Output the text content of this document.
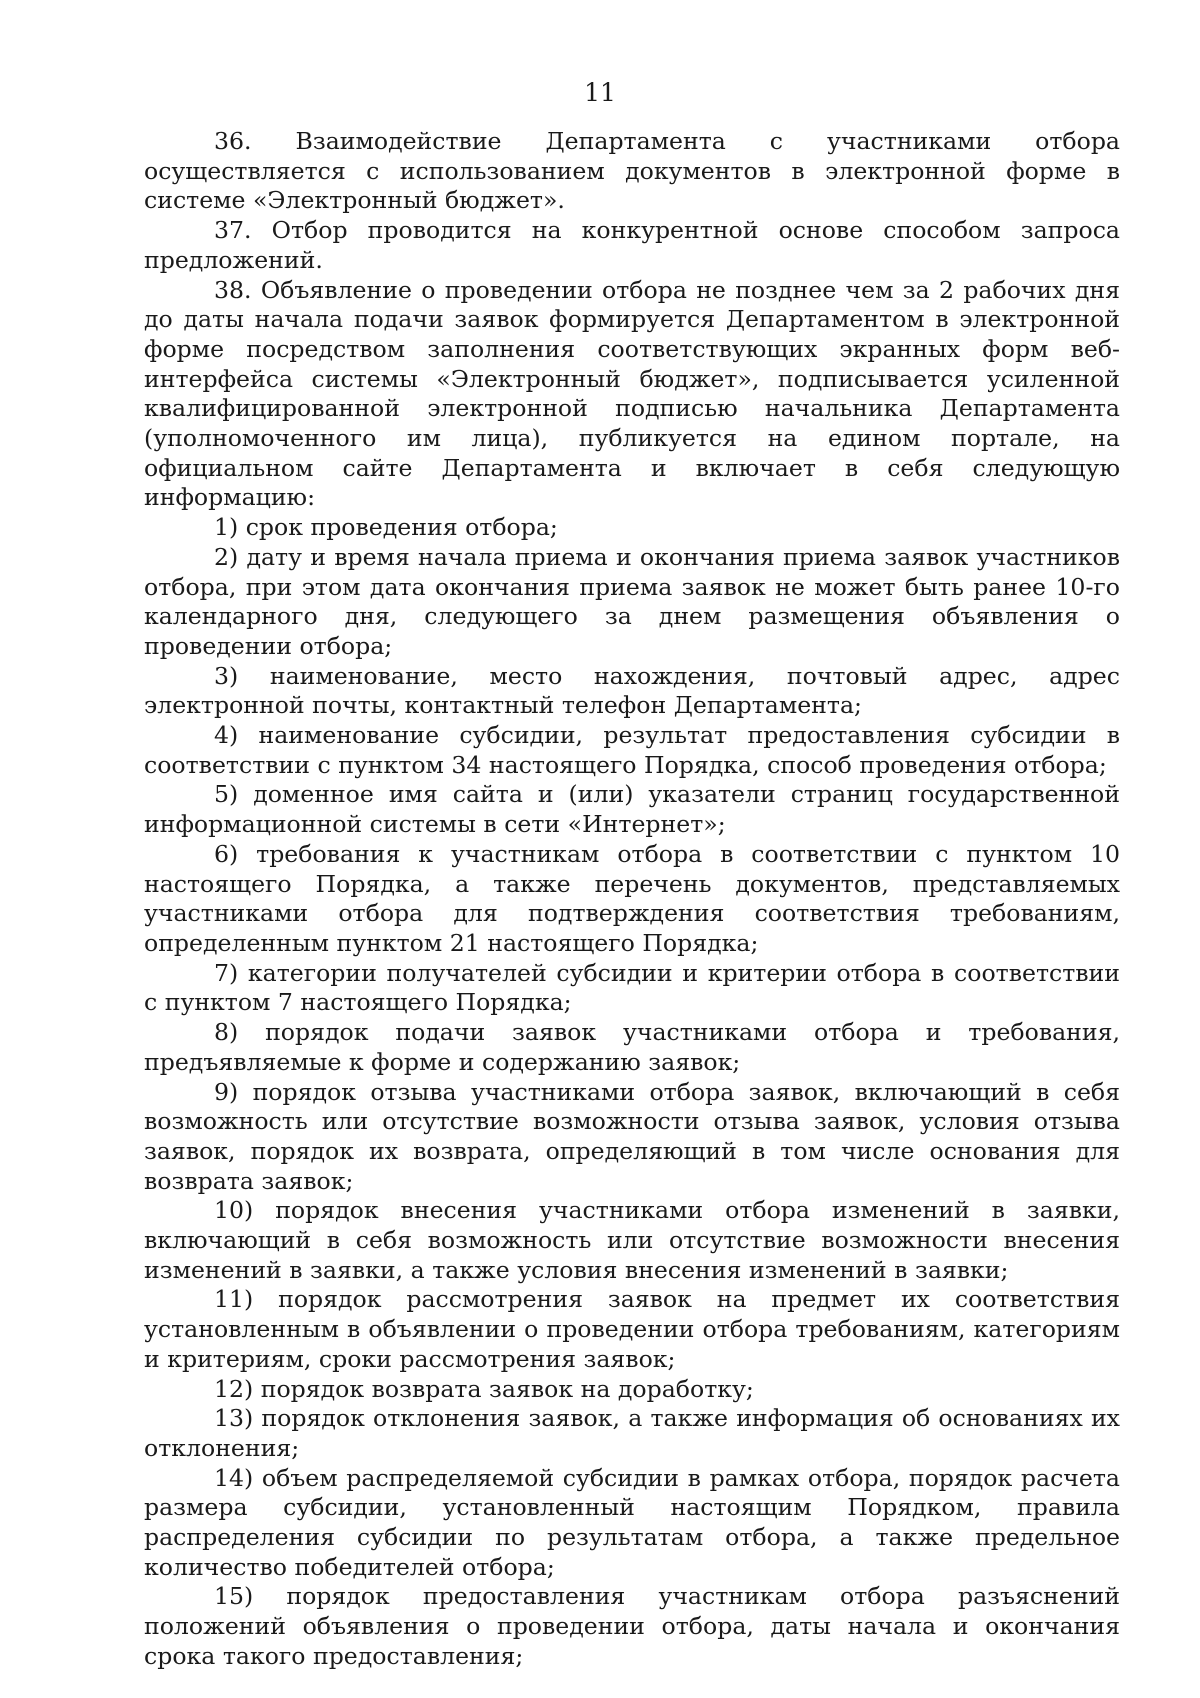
11

36. Взаимодействие Департамента с участниками отбора осуществляется с использованием документов в электронной форме в системе «Электронный бюджет».

37. Отбор проводится на конкурентной основе способом запроса предложений.

38. Объявление о проведении отбора не позднее чем за 2 рабочих дня до даты начала подачи заявок формируется Департаментом в электронной форме посредством заполнения соответствующих экранных форм веб-интерфейса системы «Электронный бюджет», подписывается усиленной квалифицированной электронной подписью начальника Департамента (уполномоченного им лица), публикуется на едином портале, на официальном сайте Департамента и включает в себя следующую информацию:

1) срок проведения отбора;

2) дату и время начала приема и окончания приема заявок участников отбора, при этом дата окончания приема заявок не может быть ранее 10-го календарного дня, следующего за днем размещения объявления о проведении отбора;

3) наименование, место нахождения, почтовый адрес, адрес электронной почты, контактный телефон Департамента;

4) наименование субсидии, результат предоставления субсидии в соответствии с пунктом 34 настоящего Порядка, способ проведения отбора;

5) доменное имя сайта и (или) указатели страниц государственной информационной системы в сети «Интернет»;

6) требования к участникам отбора в соответствии с пунктом 10 настоящего Порядка, а также перечень документов, представляемых участниками отбора для подтверждения соответствия требованиям, определенным пунктом 21 настоящего Порядка;

7) категории получателей субсидии и критерии отбора в соответствии с пунктом 7 настоящего Порядка;

8) порядок подачи заявок участниками отбора и требования, предъявляемые к форме и содержанию заявок;

9) порядок отзыва участниками отбора заявок, включающий в себя возможность или отсутствие возможности отзыва заявок, условия отзыва заявок, порядок их возврата, определяющий в том числе основания для возврата заявок;

10) порядок внесения участниками отбора изменений в заявки, включающий в себя возможность или отсутствие возможности внесения изменений в заявки, а также условия внесения изменений в заявки;

11) порядок рассмотрения заявок на предмет их соответствия установленным в объявлении о проведении отбора требованиям, категориям и критериям, сроки рассмотрения заявок;

12) порядок возврата заявок на доработку;

13) порядок отклонения заявок, а также информация об основаниях их отклонения;

14) объем распределяемой субсидии в рамках отбора, порядок расчета размера субсидии, установленный настоящим Порядком, правила распределения субсидии по результатам отбора, а также предельное количество победителей отбора;

15) порядок предоставления участникам отбора разъяснений положений объявления о проведении отбора, даты начала и окончания срока такого предоставления;
